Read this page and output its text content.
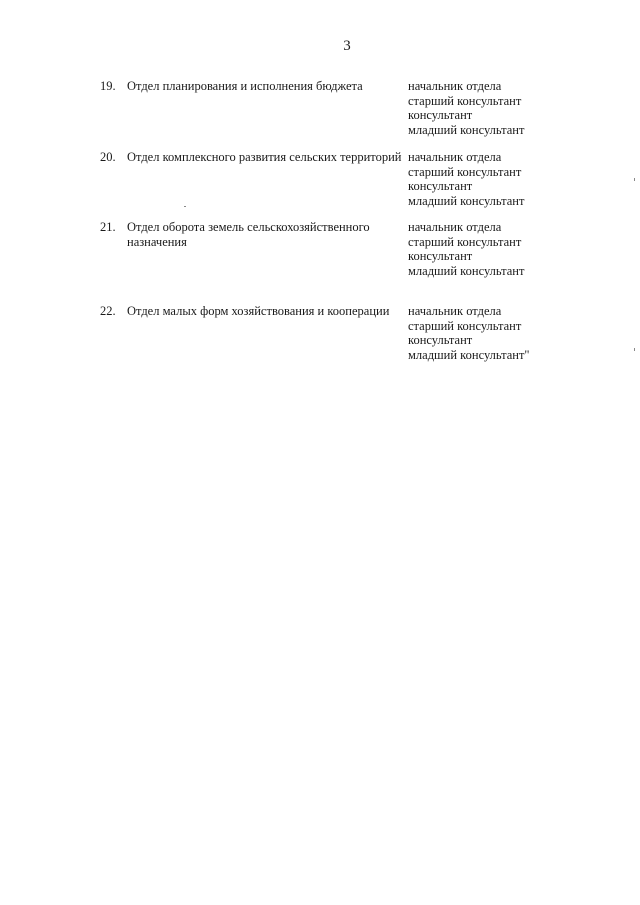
3
19. Отдел планирования и исполнения бюджета	начальник отдела
старший консультант
консультант
младший консультант
20. Отдел комплексного развития сельских территорий начальник отдела
старший консультант
консультант
младший консультант
21. Отдел оборота земель сельскохозяйственного назначения
начальник отдела
старший консультант
консультант
младший консультант
22. Отдел малых форм хозяйствования и кооперации	начальник отдела
старший консультант
консультант
младший консультант"
